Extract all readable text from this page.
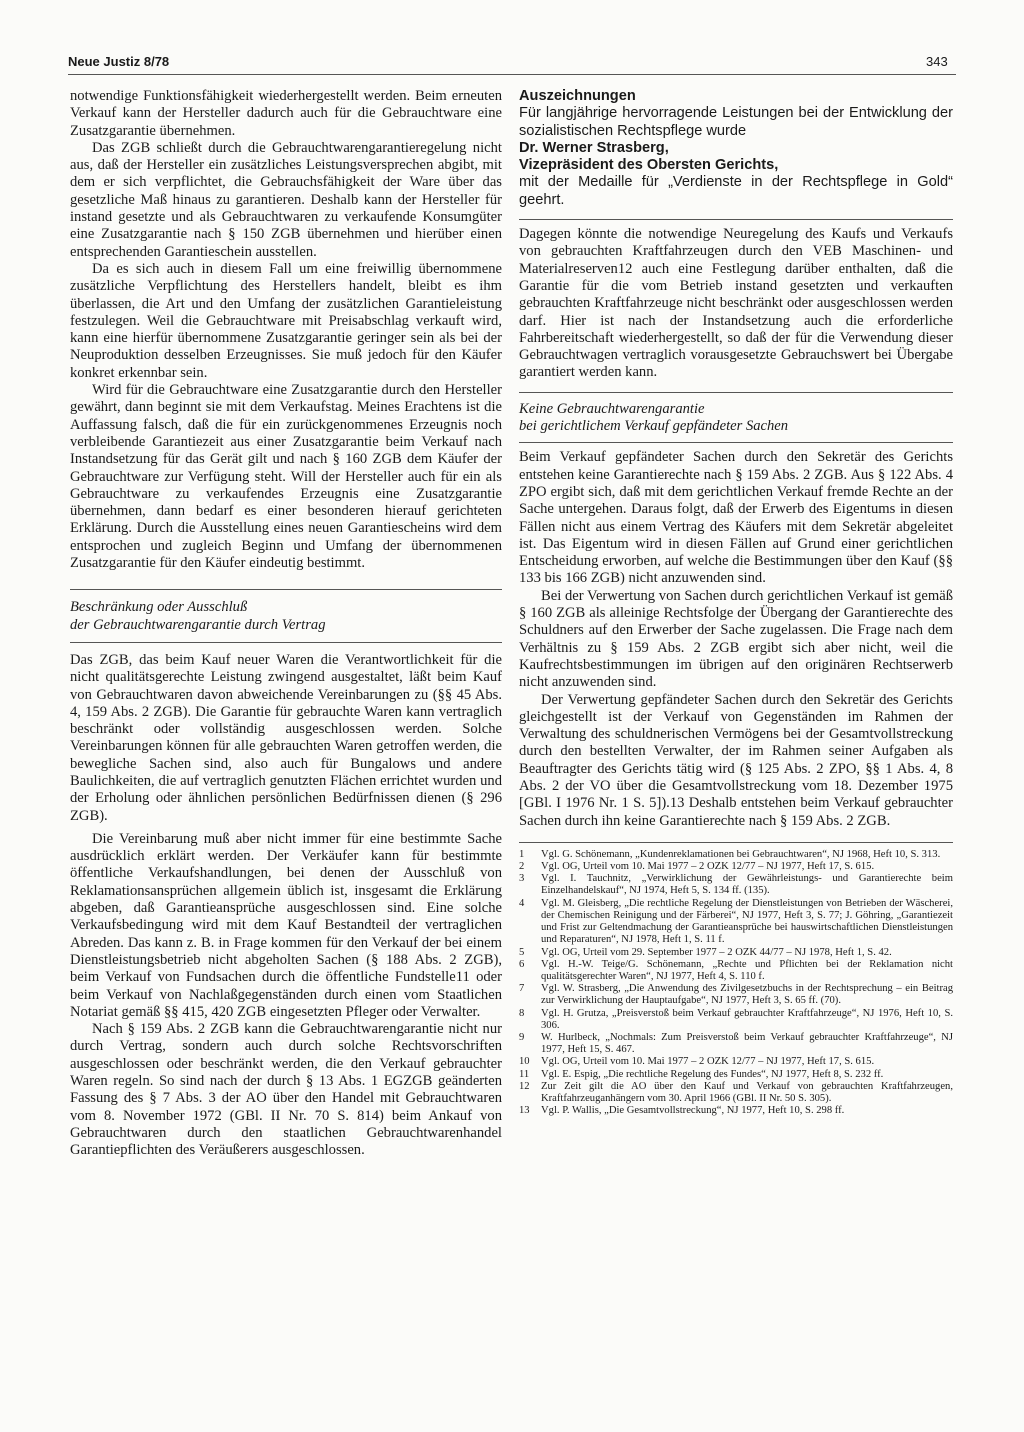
Neue Justiz 8/78	343

notwendige Funktionsfähigkeit wiederhergestellt werden. Beim erneuten Verkauf kann der Hersteller dadurch auch für die Gebrauchtware eine Zusatzgarantie übernehmen.

Das ZGB schließt durch die Gebrauchtwarengarantieregelung nicht aus, daß der Hersteller ein zusätzliches Leistungsversprechen abgibt, mit dem er sich verpflichtet, die Gebrauchsfähigkeit der Ware über das gesetzliche Maß hinaus zu garantieren. Deshalb kann der Hersteller für instand gesetzte und als Gebrauchtwaren zu verkaufende Konsumgüter eine Zusatzgarantie nach § 150 ZGB übernehmen und hierüber einen entsprechenden Garantieschein ausstellen.

Da es sich auch in diesem Fall um eine freiwillig übernommene zusätzliche Verpflichtung des Herstellers handelt, bleibt es ihm überlassen, die Art und den Umfang der zusätzlichen Garantieleistung festzulegen. Weil die Gebrauchtware mit Preisabschlag verkauft wird, kann eine hierfür übernommene Zusatzgarantie geringer sein als bei der Neuproduktion desselben Erzeugnisses. Sie muß jedoch für den Käufer konkret erkennbar sein.

Wird für die Gebrauchtware eine Zusatzgarantie durch den Hersteller gewährt, dann beginnt sie mit dem Verkaufstag. Meines Erachtens ist die Auffassung falsch, daß die für ein zurückgenommenes Erzeugnis noch verbleibende Garantiezeit aus einer Zusatzgarantie beim Verkauf nach Instandsetzung für das Gerät gilt und nach § 160 ZGB dem Käufer der Gebrauchtware zur Verfügung steht. Will der Hersteller auch für ein als Gebrauchtware zu verkaufendes Erzeugnis eine Zusatzgarantie übernehmen, dann bedarf es einer besonderen hierauf gerichteten Erklärung. Durch die Ausstellung eines neuen Garantiescheins wird dem entsprochen und zugleich Beginn und Umfang der übernommenen Zusatzgarantie für den Käufer eindeutig bestimmt.

Beschränkung oder Ausschluß

der Gebrauchtwarengarantie durch Vertrag

Das ZGB, das beim Kauf neuer Waren die Verantwortlichkeit für die nicht qualitätsgerechte Leistung zwingend ausgestaltet, läßt beim Kauf von Gebrauchtwaren davon abweichende Vereinbarungen zu (§§ 45 Abs. 4, 159 Abs. 2 ZGB). Die Garantie für gebrauchte Waren kann vertraglich beschränkt oder vollständig ausgeschlossen werden. Solche Vereinbarungen können für alle gebrauchten Waren getroffen werden, die bewegliche Sachen sind, also auch für Bungalows und andere Baulichkeiten, die auf vertraglich genutzten Flächen errichtet wurden und der Erholung oder ähnlichen persönlichen Bedürfnissen dienen (§ 296 ZGB).

Die Vereinbarung muß aber nicht immer für eine bestimmte Sache ausdrücklich erklärt werden. Der Verkäufer kann für bestimmte öffentliche Verkaufshandlungen, bei denen der Ausschluß von Reklamationsansprüchen allgemein üblich ist, insgesamt die Erklärung abgeben, daß Garantieansprüche ausgeschlossen sind. Eine solche Verkaufsbedingung wird mit dem Kauf Bestandteil der vertraglichen Abreden. Das kann z. B. in Frage kommen für den Verkauf der bei einem Dienstleistungsbetrieb nicht abgeholten Sachen (§ 188 Abs. 2 ZGB), beim Verkauf von Fundsachen durch die öffentliche Fundstelle11 oder beim Verkauf von Nachlaßgegenständen durch einen vom Staatlichen Notariat gemäß §§ 415, 420 ZGB eingesetzten Pfleger oder Verwalter.

Nach § 159 Abs. 2 ZGB kann die Gebrauchtwarengarantie nicht nur durch Vertrag, sondern auch durch solche Rechtsvorschriften ausgeschlossen oder beschränkt werden, die den Verkauf gebrauchter Waren regeln. So sind nach der durch § 13 Abs. 1 EGZGB geänderten Fassung des § 7 Abs. 3 der AO über den Handel mit Gebrauchtwaren vom 8. November 1972 (GBl. II Nr. 70 S. 814) beim Ankauf von Gebrauchtwaren durch den staatlichen Gebrauchtwarenhandel Garantiepflichten des Veräußerers ausgeschlossen.

Auszeichnungen

Für langjährige hervorragende Leistungen bei der Entwicklung der sozialistischen Rechtspflege wurde

Dr. Werner Strasberg,

Vizepräsident des Obersten Gerichts,

mit der Medaille für „Verdienste in der Rechtspflege in Gold“ geehrt.

Dagegen könnte die notwendige Neuregelung des Kaufs und Verkaufs von gebrauchten Kraftfahrzeugen durch den VEB Maschinen- und Materialreserven12 auch eine Festlegung darüber enthalten, daß die Garantie für die vom Betrieb instand gesetzten und verkauften gebrauchten Kraftfahrzeuge nicht beschränkt oder ausgeschlossen werden darf. Hier ist nach der Instandsetzung auch die erforderliche Fahrbereitschaft wiederhergestellt, so daß der für die Verwendung dieser Gebrauchtwagen vertraglich vorausgesetzte Gebrauchswert bei Übergabe garantiert werden kann.

Keine Gebrauchtwarengarantie

bei gerichtlichem Verkauf gepfändeter Sachen

Beim Verkauf gepfändeter Sachen durch den Sekretär des Gerichts entstehen keine Garantierechte nach § 159 Abs. 2 ZGB. Aus § 122 Abs. 4 ZPO ergibt sich, daß mit dem gerichtlichen Verkauf fremde Rechte an der Sache untergehen. Daraus folgt, daß der Erwerb des Eigentums in diesen Fällen nicht aus einem Vertrag des Käufers mit dem Sekretär abgeleitet ist. Das Eigentum wird in diesen Fällen auf Grund einer gerichtlichen Entscheidung erworben, auf welche die Bestimmungen über den Kauf (§§ 133 bis 166 ZGB) nicht anzuwenden sind.

Bei der Verwertung von Sachen durch gerichtlichen Verkauf ist gemäß § 160 ZGB als alleinige Rechtsfolge der Übergang der Garantierechte des Schuldners auf den Erwerber der Sache zugelassen. Die Frage nach dem Verhältnis zu § 159 Abs. 2 ZGB ergibt sich aber nicht, weil die Kaufrechtsbestimmungen im übrigen auf den originären Rechtserwerb nicht anzuwenden sind.

Der Verwertung gepfändeter Sachen durch den Sekretär des Gerichts gleichgestellt ist der Verkauf von Gegenständen im Rahmen der Verwaltung des schuldnerischen Vermögens bei der Gesamtvollstreckung durch den bestellten Verwalter, der im Rahmen seiner Aufgaben als Beauftragter des Gerichts tätig wird (§ 125 Abs. 2 ZPO, §§ 1 Abs. 4, 8 Abs. 2 der VO über die Gesamtvollstreckung vom 18. Dezember 1975 [GBl. I 1976 Nr. 1 S. 5]).13 Deshalb entstehen beim Verkauf gebrauchter Sachen durch ihn keine Garantierechte nach § 159 Abs. 2 ZGB.

1	Vgl. G. Schönemann, „Kundenreklamationen bei Gebrauchtwaren“, NJ 1968, Heft 10, S. 313.
2	Vgl. OG, Urteil vom 10. Mai 1977 – 2 OZK 12/77 – NJ 1977, Heft 17, S. 615.
3	Vgl. I. Tauchnitz, „Verwirklichung der Gewährleistungs- und Garantierechte beim Einzelhandelskauf“, NJ 1974, Heft 5, S. 134 ff. (135).
4	Vgl. M. Gleisberg, „Die rechtliche Regelung der Dienstleistungen von Betrieben der Wäscherei, der Chemischen Reinigung und der Färberei“, NJ 1977, Heft 3, S. 77; J. Göhring, „Garantiezeit und Frist zur Geltendmachung der Garantieansprüche bei hauswirtschaftlichen Dienstleistungen und Reparaturen“, NJ 1978, Heft 1, S. 11 f.
5	Vgl. OG, Urteil vom 29. September 1977 – 2 OZK 44/77 – NJ 1978, Heft 1, S. 42.
6	Vgl. H.-W. Teige/G. Schönemann, „Rechte und Pflichten bei der Reklamation nicht qualitätsgerechter Waren“, NJ 1977, Heft 4, S. 110 f.
7	Vgl. W. Strasberg, „Die Anwendung des Zivilgesetzbuchs in der Rechtsprechung – ein Beitrag zur Verwirklichung der Hauptaufgabe“, NJ 1977, Heft 3, S. 65 ff. (70).
8	Vgl. H. Grutza, „Preisverstoß beim Verkauf gebrauchter Kraftfahrzeuge“, NJ 1976, Heft 10, S. 306.
9	W. Hurlbeck, „Nochmals: Zum Preisverstoß beim Verkauf gebrauchter Kraftfahrzeuge“, NJ 1977, Heft 15, S. 467.
10	Vgl. OG, Urteil vom 10. Mai 1977 – 2 OZK 12/77 – NJ 1977, Heft 17, S. 615.
11	Vgl. E. Espig, „Die rechtliche Regelung des Fundes“, NJ 1977, Heft 8, S. 232 ff.
12	Zur Zeit gilt die AO über den Kauf und Verkauf von gebrauchten Kraftfahrzeugen, Kraftfahrzeuganhängern vom 30. April 1966 (GBl. II Nr. 50 S. 305).
13	Vgl. P. Wallis, „Die Gesamtvollstreckung“, NJ 1977, Heft 10, S. 298 ff.
